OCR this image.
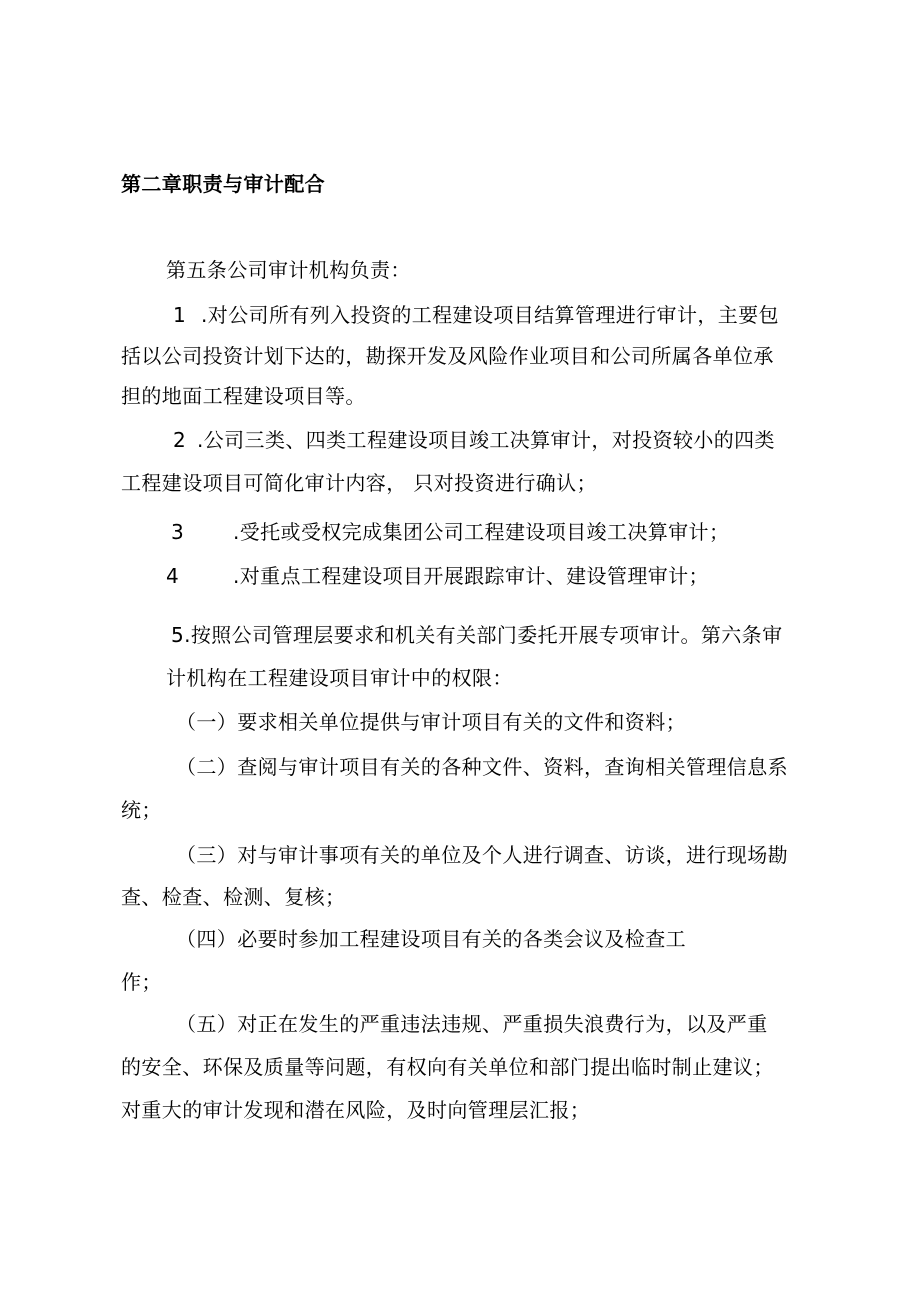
第二章职责与审计配合

第五条公司审计机构负责：

1 .对公司所有列入投资的工程建设项目结算管理进行审计，主要包

括以公司投资计划下达的，勘探开发及风险作业项目和公司所属各单位承

担的地面工程建设项目等。

2 .公司三类、四类工程建设项目竣工决算审计，对投资较小的四类

工程建设项目可简化审计内容， 只对投资进行确认；

3 .受托或受权完成集团公司工程建设项目竣工决算审计；

4	.对重点工程建设项目开展跟踪审计、建设管理审计；

5.按照公司管理层要求和机关有关部门委托开展专项审计。第六条审

计机构在工程建设项目审计中的权限：

（一）要求相关单位提供与审计项目有关的文件和资料；

（二）查阅与审计项目有关的各种文件、资料，查询相关管理信息系

统；

（三）对与审计事项有关的单位及个人进行调查、访谈，进行现场勘

查、检查、检测、复核；

（四）必要时参加工程建设项目有关的各类会议及检查工

作；

（五）对正在发生的严重违法违规、严重损失浪费行为，以及严重

的安全、环保及质量等问题，有权向有关单位和部门提出临时制止建议；

对重大的审计发现和潜在风险，及时向管理层汇报；
